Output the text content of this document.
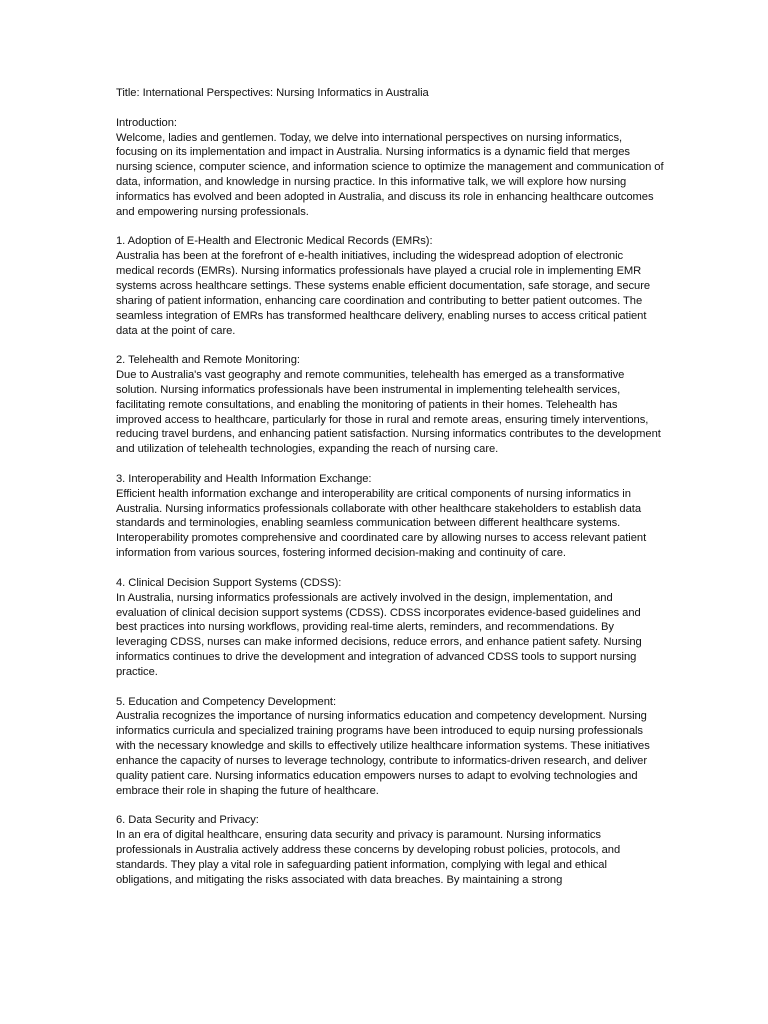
Title: International Perspectives: Nursing Informatics in Australia
Introduction:
Welcome, ladies and gentlemen. Today, we delve into international perspectives on nursing informatics, focusing on its implementation and impact in Australia. Nursing informatics is a dynamic field that merges nursing science, computer science, and information science to optimize the management and communication of data, information, and knowledge in nursing practice. In this informative talk, we will explore how nursing informatics has evolved and been adopted in Australia, and discuss its role in enhancing healthcare outcomes and empowering nursing professionals.
1. Adoption of E-Health and Electronic Medical Records (EMRs):
Australia has been at the forefront of e-health initiatives, including the widespread adoption of electronic medical records (EMRs). Nursing informatics professionals have played a crucial role in implementing EMR systems across healthcare settings. These systems enable efficient documentation, safe storage, and secure sharing of patient information, enhancing care coordination and contributing to better patient outcomes. The seamless integration of EMRs has transformed healthcare delivery, enabling nurses to access critical patient data at the point of care.
2. Telehealth and Remote Monitoring:
Due to Australia's vast geography and remote communities, telehealth has emerged as a transformative solution. Nursing informatics professionals have been instrumental in implementing telehealth services, facilitating remote consultations, and enabling the monitoring of patients in their homes. Telehealth has improved access to healthcare, particularly for those in rural and remote areas, ensuring timely interventions, reducing travel burdens, and enhancing patient satisfaction. Nursing informatics contributes to the development and utilization of telehealth technologies, expanding the reach of nursing care.
3. Interoperability and Health Information Exchange:
Efficient health information exchange and interoperability are critical components of nursing informatics in Australia. Nursing informatics professionals collaborate with other healthcare stakeholders to establish data standards and terminologies, enabling seamless communication between different healthcare systems. Interoperability promotes comprehensive and coordinated care by allowing nurses to access relevant patient information from various sources, fostering informed decision-making and continuity of care.
4. Clinical Decision Support Systems (CDSS):
In Australia, nursing informatics professionals are actively involved in the design, implementation, and evaluation of clinical decision support systems (CDSS). CDSS incorporates evidence-based guidelines and best practices into nursing workflows, providing real-time alerts, reminders, and recommendations. By leveraging CDSS, nurses can make informed decisions, reduce errors, and enhance patient safety. Nursing informatics continues to drive the development and integration of advanced CDSS tools to support nursing practice.
5. Education and Competency Development:
Australia recognizes the importance of nursing informatics education and competency development. Nursing informatics curricula and specialized training programs have been introduced to equip nursing professionals with the necessary knowledge and skills to effectively utilize healthcare information systems. These initiatives enhance the capacity of nurses to leverage technology, contribute to informatics-driven research, and deliver quality patient care. Nursing informatics education empowers nurses to adapt to evolving technologies and embrace their role in shaping the future of healthcare.
6. Data Security and Privacy:
In an era of digital healthcare, ensuring data security and privacy is paramount. Nursing informatics professionals in Australia actively address these concerns by developing robust policies, protocols, and standards. They play a vital role in safeguarding patient information, complying with legal and ethical obligations, and mitigating the risks associated with data breaches. By maintaining a strong
